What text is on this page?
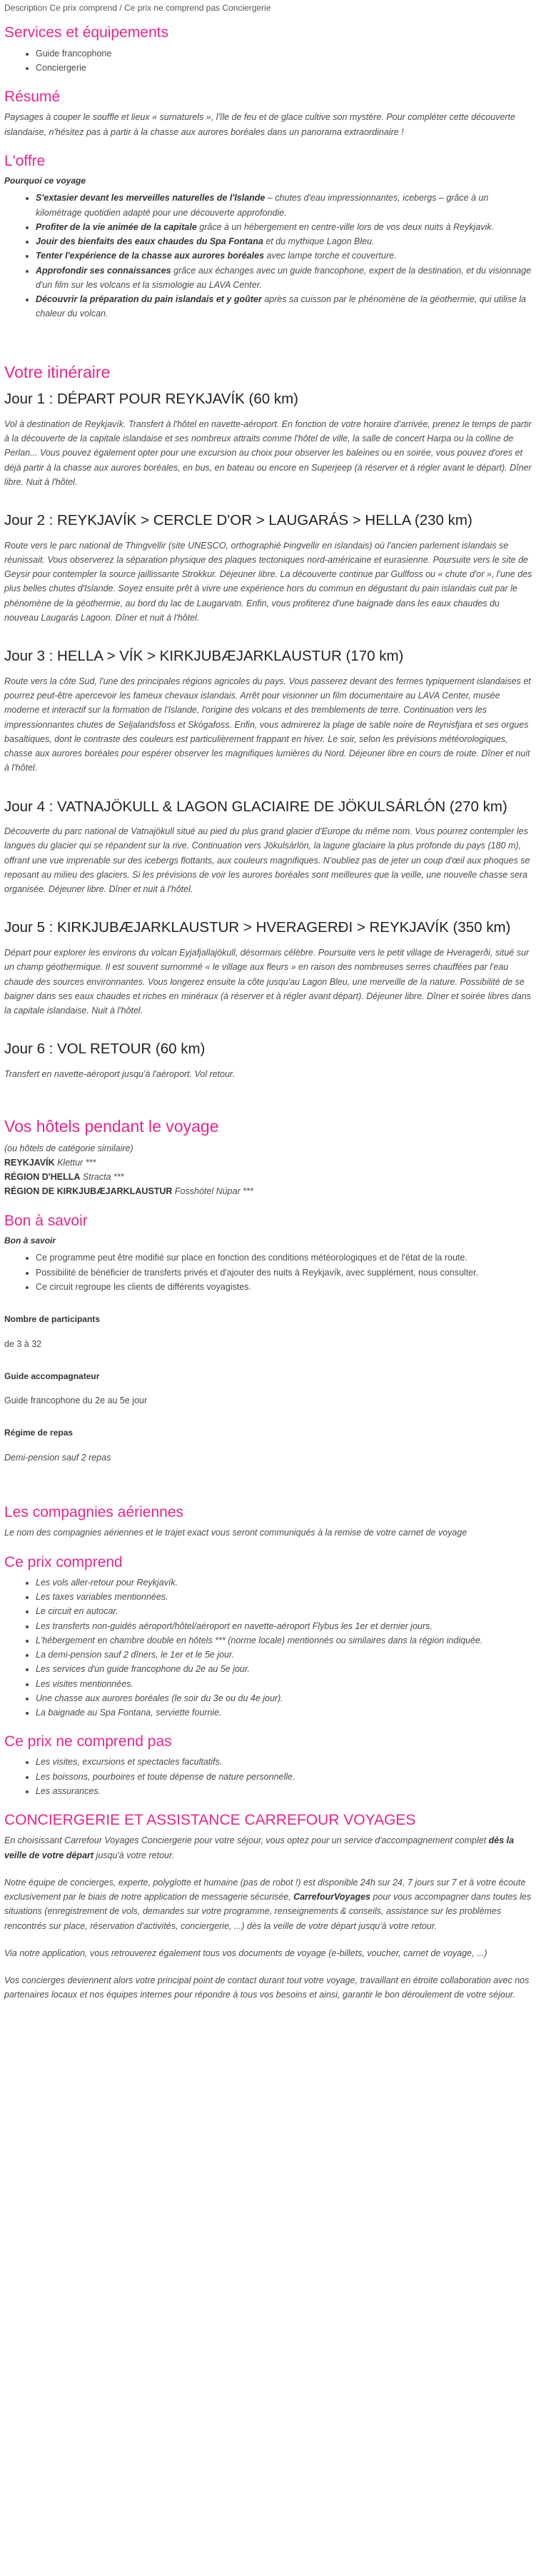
Description Ce prix comprend / Ce prix ne comprend pas Conciergerie
Services et équipements
• Guide francophone
• Conciergerie
Résumé

Paysages à couper le souffle et lieux « surnaturels », l'île de feu et de glace cultive son mystère. Pour compléter cette découverte islandaise, n'hésitez pas à partir à la chasse aux aurores boréales dans un panorama extraordinaire !

L'offre
Pourquoi ce voyage
• S'extasier devant les merveilles naturelles de l'Islande – chutes d'eau impressionnantes, icebergs – grâce à un kilométrage quotidien adapté pour une découverte approfondie.
• Profiter de la vie animée de la capitale grâce à un hébergement en centre-ville lors de vos deux nuits à Reykjavik.
• Jouir des bienfaits des eaux chaudes du Spa Fontana et du mythique Lagon Bleu.
• Tenter l'expérience de la chasse aux aurores boréales avec lampe torche et couverture.
• Approfondir ses connaissances grâce aux échanges avec un guide francophone, expert de la destination, et du visionnage d'un film sur les volcans et la sismologie au LAVA Center.
• Découvrir la préparation du pain islandais et y goûter après sa cuisson par le phénomène de la géothermie, qui utilise la chaleur du volcan.
Votre itinéraire
Jour 1 : DÉPART POUR REYKJAVÍK (60 km)

Vol à destination de Reykjavík. Transfert à l'hôtel en navette-aéroport. En fonction de votre horaire d'arrivée, prenez le temps de partir à la découverte de la capitale islandaise et ses nombreux attraits comme l'hôtel de ville, la salle de concert Harpa ou la colline de Perlan... Vous pouvez également opter pour une excursion au choix pour observer les baleines ou en soirée, vous pouvez d'ores et déjà partir à la chasse aux aurores boréales, en bus, en bateau ou encore en Superjeep (à réserver et à régler avant le départ). Dîner libre. Nuit à l'hôtel.

Jour 2 : REYKJAVÍK > CERCLE D'OR > LAUGARÁS > HELLA (230 km)

Route vers le parc national de Thingvellir (site UNESCO, orthographié Þingvellir en islandais) où l'ancien parlement islandais se réunissait. Vous observerez la séparation physique des plaques tectoniques nord-américaine et eurasienne. Poursuite vers le site de Geysir pour contempler la source jaillissante Strokkur. Déjeuner libre. La découverte continue par Gullfoss ou « chute d'or », l'une des plus belles chutes d'Islande. Soyez ensuite prêt à vivre une expérience hors du commun en dégustant du pain islandais cuit par le phénomène de la géothermie, au bord du lac de Laugarvatn. Enfin, vous profiterez d'une baignade dans les eaux chaudes du nouveau Laugarás Lagoon. Dîner et nuit à l'hôtel.

Jour 3 : HELLA > VÍK > KIRKJUBÆJARKLAUSTUR (170 km)

Route vers la côte Sud, l'une des principales régions agricoles du pays. Vous passerez devant des fermes typiquement islandaises et pourrez peut-être apercevoir les fameux chevaux islandais. Arrêt pour visionner un film documentaire au LAVA Center, musée moderne et interactif sur la formation de l'Islande, l'origine des volcans et des tremblements de terre. Continuation vers les impressionnantes chutes de Seljalandsfoss et Skógafoss. Enfin, vous admirerez la plage de sable noire de Reynisfjara et ses orgues basaltiques, dont le contraste des couleurs est particulièrement frappant en hiver. Le soir, selon les prévisions météorologiques, chasse aux aurores boréales pour espérer observer les magnifiques lumières du Nord. Déjeuner libre en cours de route. Dîner et nuit à l'hôtel.

Jour 4 : VATNAJÖKULL & LAGON GLACIAIRE DE JÖKULSÁRLÓN (270 km)

Découverte du parc national de Vatnajökull situé au pied du plus grand glacier d'Europe du même nom. Vous pourrez contempler les langues du glacier qui se répandent sur la rive. Continuation vers Jökulsárlón, la lagune glaciaire la plus profonde du pays (180 m), offrant une vue imprenable sur des icebergs flottants, aux couleurs magnifiques. N'oubliez pas de jeter un coup d'œil aux phoques se reposant au milieu des glaciers. Si les prévisions de voir les aurores boréales sont meilleures que la veille, une nouvelle chasse sera organisée. Déjeuner libre. Dîner et nuit à l'hôtel.

Jour 5 : KIRKJUBÆJARKLAUSTUR > HVERAGERÐI > REYKJAVÍK (350 km)

Départ pour explorer les environs du volcan Eyjafjallajökull, désormais célèbre. Poursuite vers le petit village de Hveragerði, situé sur un champ géothermique. Il est souvent surnommé « le village aux fleurs » en raison des nombreuses serres chauffées par l'eau chaude des sources environnantes. Vous longerez ensuite la côte jusqu'au Lagon Bleu, une merveille de la nature. Possibilité de se baigner dans ses eaux chaudes et riches en minéraux (à réserver et à régler avant départ). Déjeuner libre. Dîner et soirée libres dans la capitale islandaise. Nuit à l'hôtel.

Jour 6 : VOL RETOUR (60 km)

Transfert en navette-aéroport jusqu'à l'aéroport. Vol retour.

Vos hôtels pendant le voyage

(ou hôtels de catégorie similaire)

REYKJAVÍK Klettur ***

RÉGION D'HELLA Stracta ***

RÉGION DE KIRKJUBÆJARKLAUSTUR Fosshótel Núpar ***

Bon à savoir
Bon à savoir
• Ce programme peut être modifié sur place en fonction des conditions météorologiques et de l'état de la route.
• Possibilité de bénéficier de transferts privés et d'ajouter des nuits à Reykjavík, avec supplément, nous consulter.
• Ce circuit regroupe les clients de différents voyagistes.
Nombre de participants

de 3 à 32

Guide accompagnateur

Guide francophone du 2e au 5e jour

Régime de repas

Demi-pension sauf 2 repas

Les compagnies aériennes

Le nom des compagnies aériennes et le trajet exact vous seront communiqués à la remise de votre carnet de voyage

Ce prix comprend
• Les vols aller-retour pour Reykjavík.
• Les taxes variables mentionnées.
• Le circuit en autocar.
• Les transferts non-guidés aéroport/hôtel/aéroport en navette-aéroport Flybus les 1er et dernier jours.
• L'hébergement en chambre double en hôtels *** (norme locale) mentionnés ou similaires dans la région indiquée.
• La demi-pension sauf 2 dîners, le 1er et le 5e jour.
• Les services d'un guide francophone du 2e au 5e jour.
• Les visites mentionnées.
• Une chasse aux aurores boréales (le soir du 3e ou du 4e jour).
• La baignade au Spa Fontana, serviette fournie.
Ce prix ne comprend pas
• Les visites, excursions et spectacles facultatifs.
• Les boissons, pourboires et toute dépense de nature personnelle.
• Les assurances.
CONCIERGERIE ET ASSISTANCE CARREFOUR VOYAGES

En choisissant Carrefour Voyages Conciergerie pour votre séjour, vous optez pour un service d'accompagnement complet dès la veille de votre départ jusqu'à votre retour.

Notre équipe de concierges, experte, polyglotte et humaine (pas de robot !) est disponible 24h sur 24, 7 jours sur 7 et à votre écoute exclusivement par le biais de notre application de messagerie sécurisée, CarrefourVoyages pour vous accompagner dans toutes les situations (enregistrement de vols, demandes sur votre programme, renseignements & conseils, assistance sur les problèmes rencontrés sur place, réservation d'activités, conciergerie, ...) dès la veille de votre départ jusqu'à votre retour.

Via notre application, vous retrouverez également tous vos documents de voyage (e-billets, voucher, carnet de voyage, ...)

Vos concierges deviennent alors votre principal point de contact durant tout votre voyage, travaillant en étroite collaboration avec nos partenaires locaux et nos équipes internes pour répondre à tous vos besoins et ainsi, garantir le bon déroulement de votre séjour.
